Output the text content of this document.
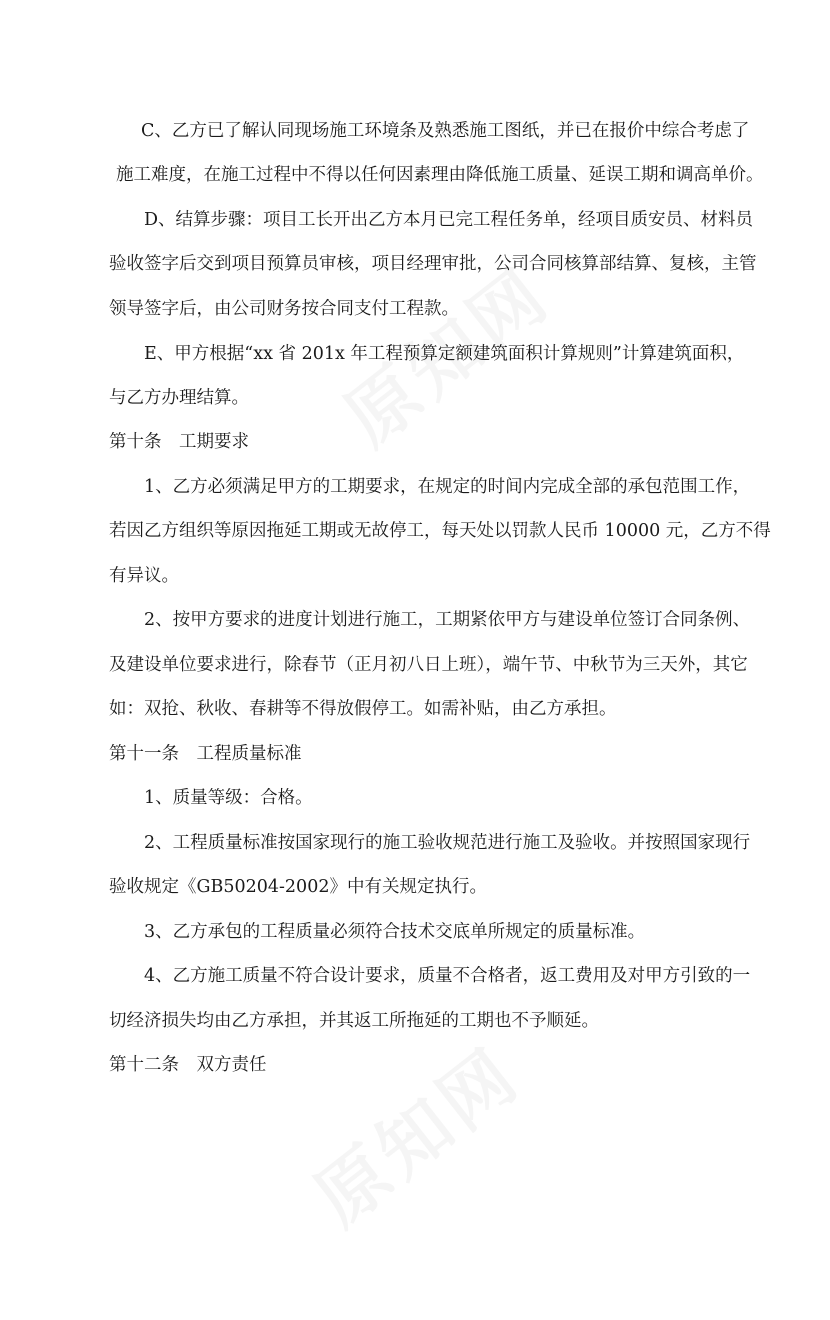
C、乙方已了解认同现场施工环境条及熟悉施工图纸，并已在报价中综合考虑了
施工难度，在施工过程中不得以任何因素理由降低施工质量、延误工期和调高单价。
D、结算步骤：项目工长开出乙方本月已完工程任务单，经项目质安员、材料员
验收签字后交到项目预算员审核，项目经理审批，公司合同核算部结算、复核，主管
领导签字后，由公司财务按合同支付工程款。
E、甲方根据“xx 省 201x 年工程预算定额建筑面积计算规则”计算建筑面积，
与乙方办理结算。
第十条　工期要求
1、乙方必须满足甲方的工期要求，在规定的时间内完成全部的承包范围工作，
若因乙方组织等原因拖延工期或无故停工，每天处以罚款人民币 10000 元，乙方不得
有异议。
2、按甲方要求的进度计划进行施工，工期紧依甲方与建设单位签订合同条例、
及建设单位要求进行，除春节（正月初八日上班），端午节、中秋节为三天外，其它
如：双抢、秋收、春耕等不得放假停工。如需补贴，由乙方承担。
第十一条　工程质量标准
1、质量等级：合格。
2、工程质量标准按国家现行的施工验收规范进行施工及验收。并按照国家现行
验收规定《GB50204-2002》中有关规定执行。
3、乙方承包的工程质量必须符合技术交底单所规定的质量标准。
4、乙方施工质量不符合设计要求，质量不合格者，返工费用及对甲方引致的一
切经济损失均由乙方承担，并其返工所拖延的工期也不予顺延。
第十二条　双方责任
